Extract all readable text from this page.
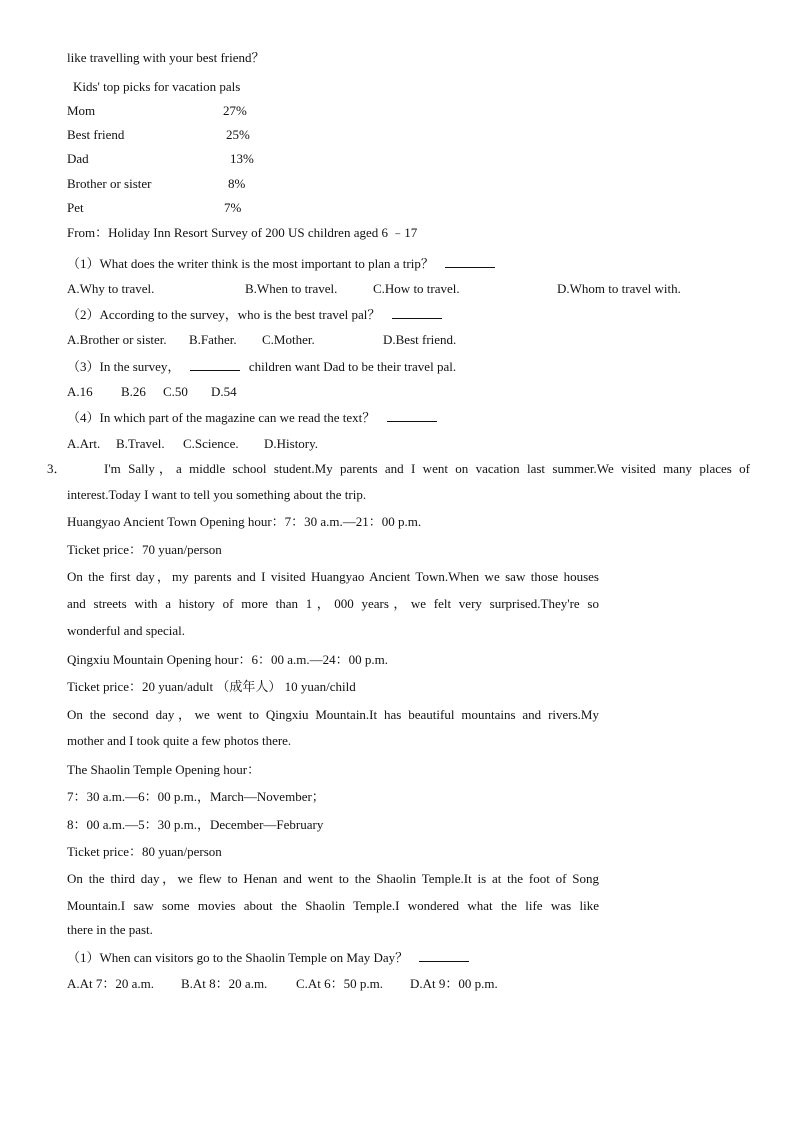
like travelling with your best friend？
Kids' top picks for vacation pals
Mom	27%
Best friend	25%
Dad	13%
Brother or sister	8%
Pet	7%
From：Holiday Inn Resort Survey of 200 US children aged 6 ﹣17
（1）What does the writer think is the most important to plan a trip？
A.Why to travel.	B.When to travel.	C.How to travel.	D.Whom to travel with.
（2）According to the survey，who is the best travel pal？
A.Brother or sister. B.Father. C.Mother.	D.Best friend.
（3）In the survey，	children want Dad to be their travel pal.
A.16 B.26 C.50 D.54
（4）In which part of the magazine can we read the text？
A.Art. B.Travel. C.Science. D.History.
3．	I'm Sally，a middle school student.My parents and I went on vacation last summer.We visited many places of
interest.Today I want to tell you something about the trip.
Huangyao Ancient Town Opening hour：7：30 a.m.—21：00 p.m.
Ticket price：70 yuan/person
On the first day，my parents and I visited Huangyao Ancient Town.When we saw those houses
and streets with a history of more than 1，000 years，we felt very surprised.They're so
wonderful and special.
Qingxiu Mountain Opening hour：6：00 a.m.—24：00 p.m.
Ticket price：20 yuan/adult （成年人） 10 yuan/child
On the second day，we went to Qingxiu Mountain.It has beautiful mountains and rivers.My
mother and I took quite a few photos there.
The Shaolin Temple Opening hour：
7：30 a.m.—6：00 p.m.，March—November；
8：00 a.m.—5：30 p.m.，December—February
Ticket price：80 yuan/person
On the third day，we flew to Henan and went to the Shaolin Temple.It is at the foot of Song
Mountain.I saw some movies about the Shaolin Temple.I wondered what the life was like
there in the past.
（1）When can visitors go to the Shaolin Temple on May Day？
A.At 7：20 a.m. B.At 8：20 a.m. C.At 6：50 p.m. D.At 9：00 p.m.
